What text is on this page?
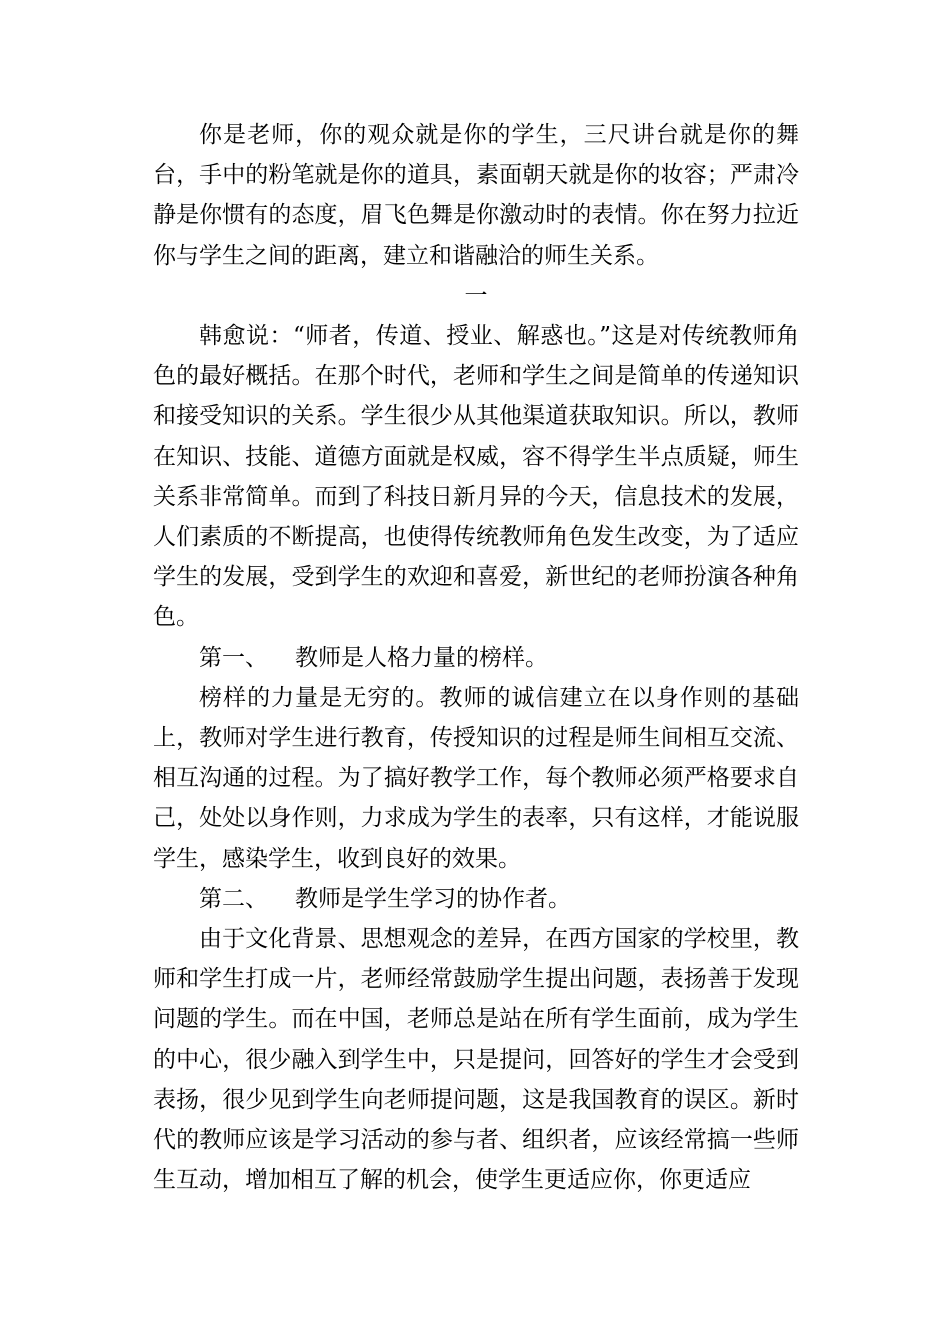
你是老师，你的观众就是你的学生，三尺讲台就是你的舞台，手中的粉笔就是你的道具，素面朝天就是你的妆容；严肃冷静是你惯有的态度，眉飞色舞是你激动时的表情。你在努力拉近你与学生之间的距离，建立和谐融洽的师生关系。

一

韩愈说：“师者，传道、授业、解惑也。”这是对传统教师角色的最好概括。在那个时代，老师和学生之间是简单的传递知识和接受知识的关系。学生很少从其他渠道获取知识。所以，教师在知识、技能、道德方面就是权威，容不得学生半点质疑，师生关系非常简单。而到了科技日新月异的今天，信息技术的发展，人们素质的不断提高，也使得传统教师角色发生改变，为了适应学生的发展，受到学生的欢迎和喜爱，新世纪的老师扮演各种角色。

第一、 教师是人格力量的榜样。

榜样的力量是无穷的。教师的诚信建立在以身作则的基础上，教师对学生进行教育，传授知识的过程是师生间相互交流、相互沟通的过程。为了搞好教学工作，每个教师必须严格要求自己，处处以身作则，力求成为学生的表率，只有这样，才能说服学生，感染学生，收到良好的效果。

第二、 教师是学生学习的协作者。

由于文化背景、思想观念的差异，在西方国家的学校里，教师和学生打成一片，老师经常鼓励学生提出问题，表扬善于发现问题的学生。而在中国，老师总是站在所有学生面前，成为学生的中心，很少融入到学生中，只是提问，回答好的学生才会受到表扬，很少见到学生向老师提问题，这是我国教育的误区。新时代的教师应该是学习活动的参与者、组织者，应该经常搞一些师生互动，增加相互了解的机会，使学生更适应你，你更适应
